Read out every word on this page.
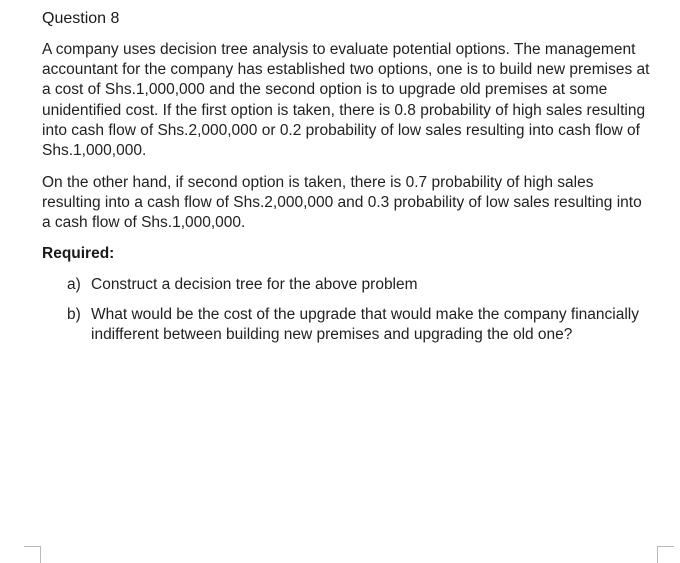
Question 8

A company uses decision tree analysis to evaluate potential options. The management accountant for the company has established two options, one is to build new premises at a cost of Shs.1,000,000 and the second option is to upgrade old premises at some unidentified cost. If the first option is taken, there is 0.8 probability of high sales resulting into cash flow of Shs.2,000,000 or 0.2 probability of low sales resulting into cash flow of Shs.1,000,000.

On the other hand, if second option is taken, there is 0.7 probability of high sales resulting into a cash flow of Shs.2,000,000 and 0.3 probability of low sales resulting into a cash flow of Shs.1,000,000.

Required:
a) Construct a decision tree for the above problem
b) What would be the cost of the upgrade that would make the company financially indifferent between building new premises and upgrading the old one?
